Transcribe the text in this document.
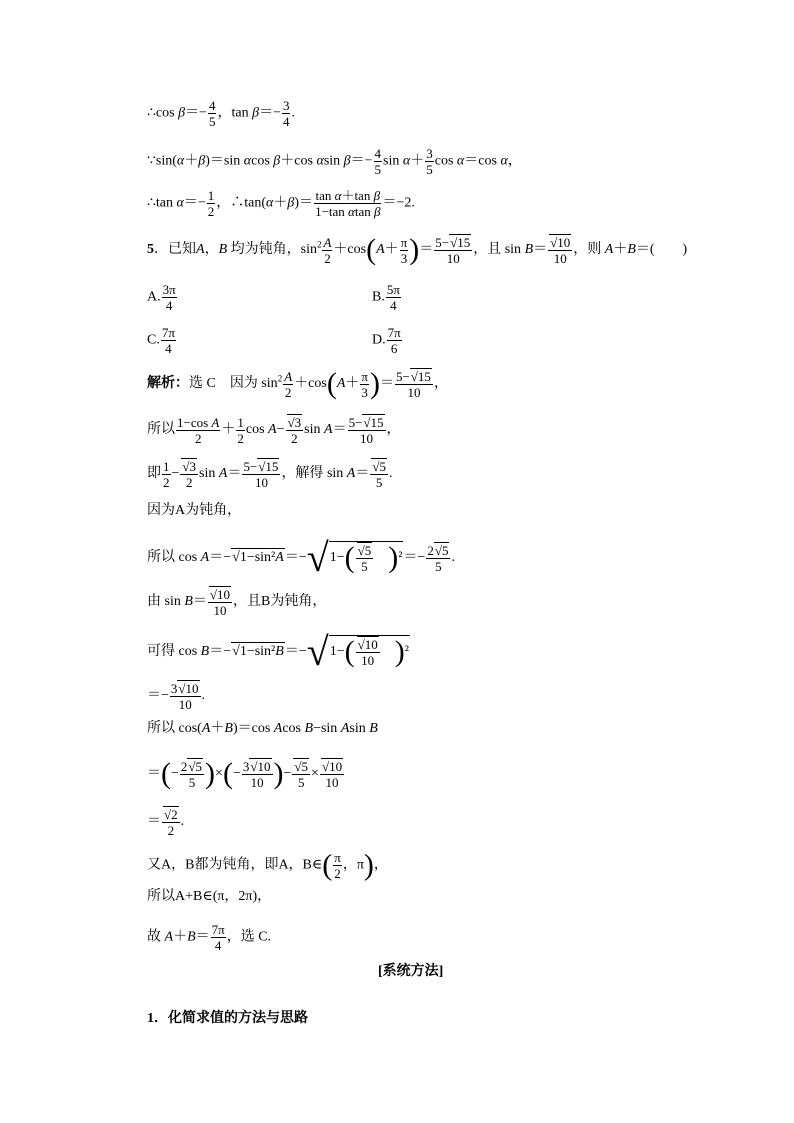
∴cos $\beta=- \frac{4}{5}$ ，$\tan \beta=- \frac{3}{4}$ .
∵sin(α＋β)＝sin αcos β＋cos αsin $\beta=- \frac{4}{5}$ $\sin \alpha+ \frac{3}{5}$ cos α＝cos α，
∴tan $\alpha=- \frac{1}{2}$ ，∴tan(α＋β)＝ $\frac{\text{tan α＋tan β}}{\text{1−tan αtan β}} =-2$.
5．已知A，B 均为钝角，$\sin^2 \frac{A}{2} +\cos(A+ \frac{\pi}{3}$ )＝ $\frac{5-√15}{10}$ ，且 $\sin B= \frac{√10}{10}$ ，则 A＋B＝(　　)
A. $\frac{3\pi}{4}$	B. $\frac{5\pi}{4}$
C. $\frac{7\pi}{4}$	D. $\frac{7\pi}{6}$
解析：选 C　 因为 $\sin^2 \frac{A}{2} +\cos(A+ \frac{\pi}{3}$ )＝ $\frac{5-√15}{10}$ ，
所以 $\frac{\text{1−cos A}}{2} + \frac{1}{2}$ $\cos A- \frac{√3}{2}$ $\sin A= \frac{5-√15}{10}$ ，
即 $\frac{1}{2} - \frac{√3}{2}$ $\sin A= \frac{5-√15}{10}$ ，解得 $\sin A= \frac{√5}{5}$ .
因为A为钝角，
所以 $\cos A=-√1-\sin^2A=-√1-( \frac{√5}{5}$
　 )$^2=- \frac{2√5}{5}$ .
由 $\sin B= \frac{√10}{10}$ ，且B为钝角，
可得 $\cos B=-√1-\sin^2B=-√1-( \frac{√10}{10}$
　 )²
＝− $\frac{3√10}{10}$ .
所以 cos(A＋B)＝cos Acos B−sin Asin B
＝(− $\frac{2√5}{5}$ )×(− $\frac{3√10}{10}$ )− $\frac{√5}{5} \times \frac{√10}{10}$
＝ $\frac{√2}{2}$ .
又A，B都为钝角，即A，B∈( $\frac{\pi}{2}$ ，π)，
所以A+B∈(π，2π)，
故 $A+B= \frac{7\pi}{4}$ ，选 C.
[系统方法]
1．化简求值的方法与思路
